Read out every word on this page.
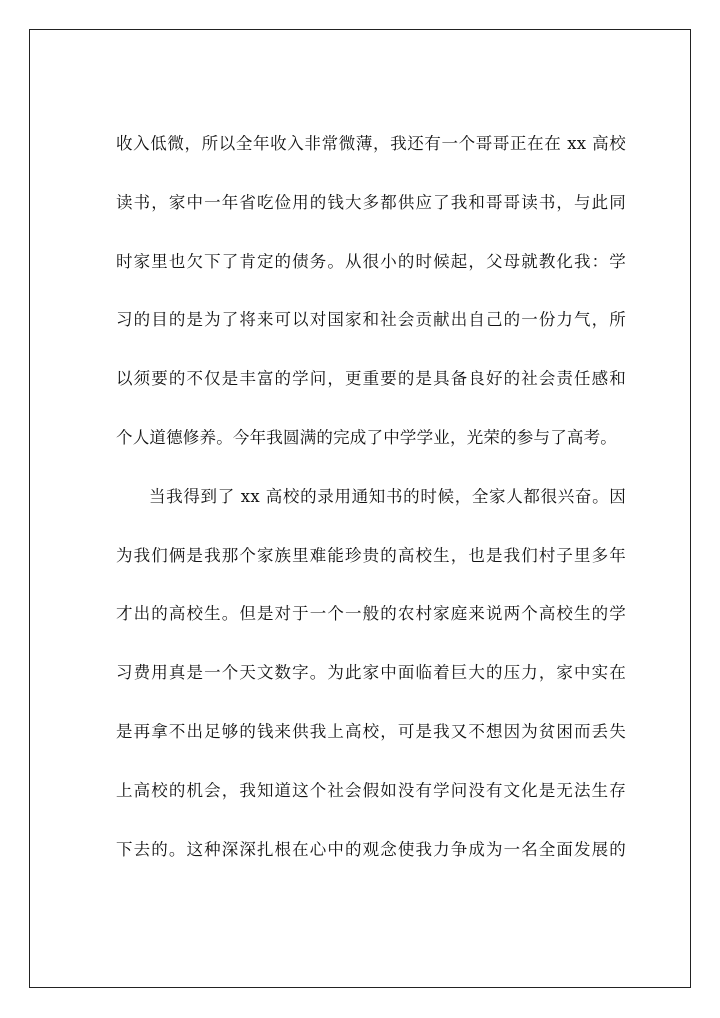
收入低微，所以全年收入非常微薄，我还有一个哥哥正在在 xx 高校
读书，家中一年省吃俭用的钱大多都供应了我和哥哥读书，与此同
时家里也欠下了肯定的债务。从很小的时候起，父母就教化我：学
习的目的是为了将来可以对国家和社会贡献出自己的一份力气，所
以须要的不仅是丰富的学问，更重要的是具备良好的社会责任感和
个人道德修养。今年我圆满的完成了中学学业，光荣的参与了高考。
当我得到了 xx 高校的录用通知书的时候，全家人都很兴奋。因
为我们俩是我那个家族里难能珍贵的高校生，也是我们村子里多年
才出的高校生。但是对于一个一般的农村家庭来说两个高校生的学
习费用真是一个天文数字。为此家中面临着巨大的压力，家中实在
是再拿不出足够的钱来供我上高校，可是我又不想因为贫困而丢失
上高校的机会，我知道这个社会假如没有学问没有文化是无法生存
下去的。这种深深扎根在心中的观念使我力争成为一名全面发展的
